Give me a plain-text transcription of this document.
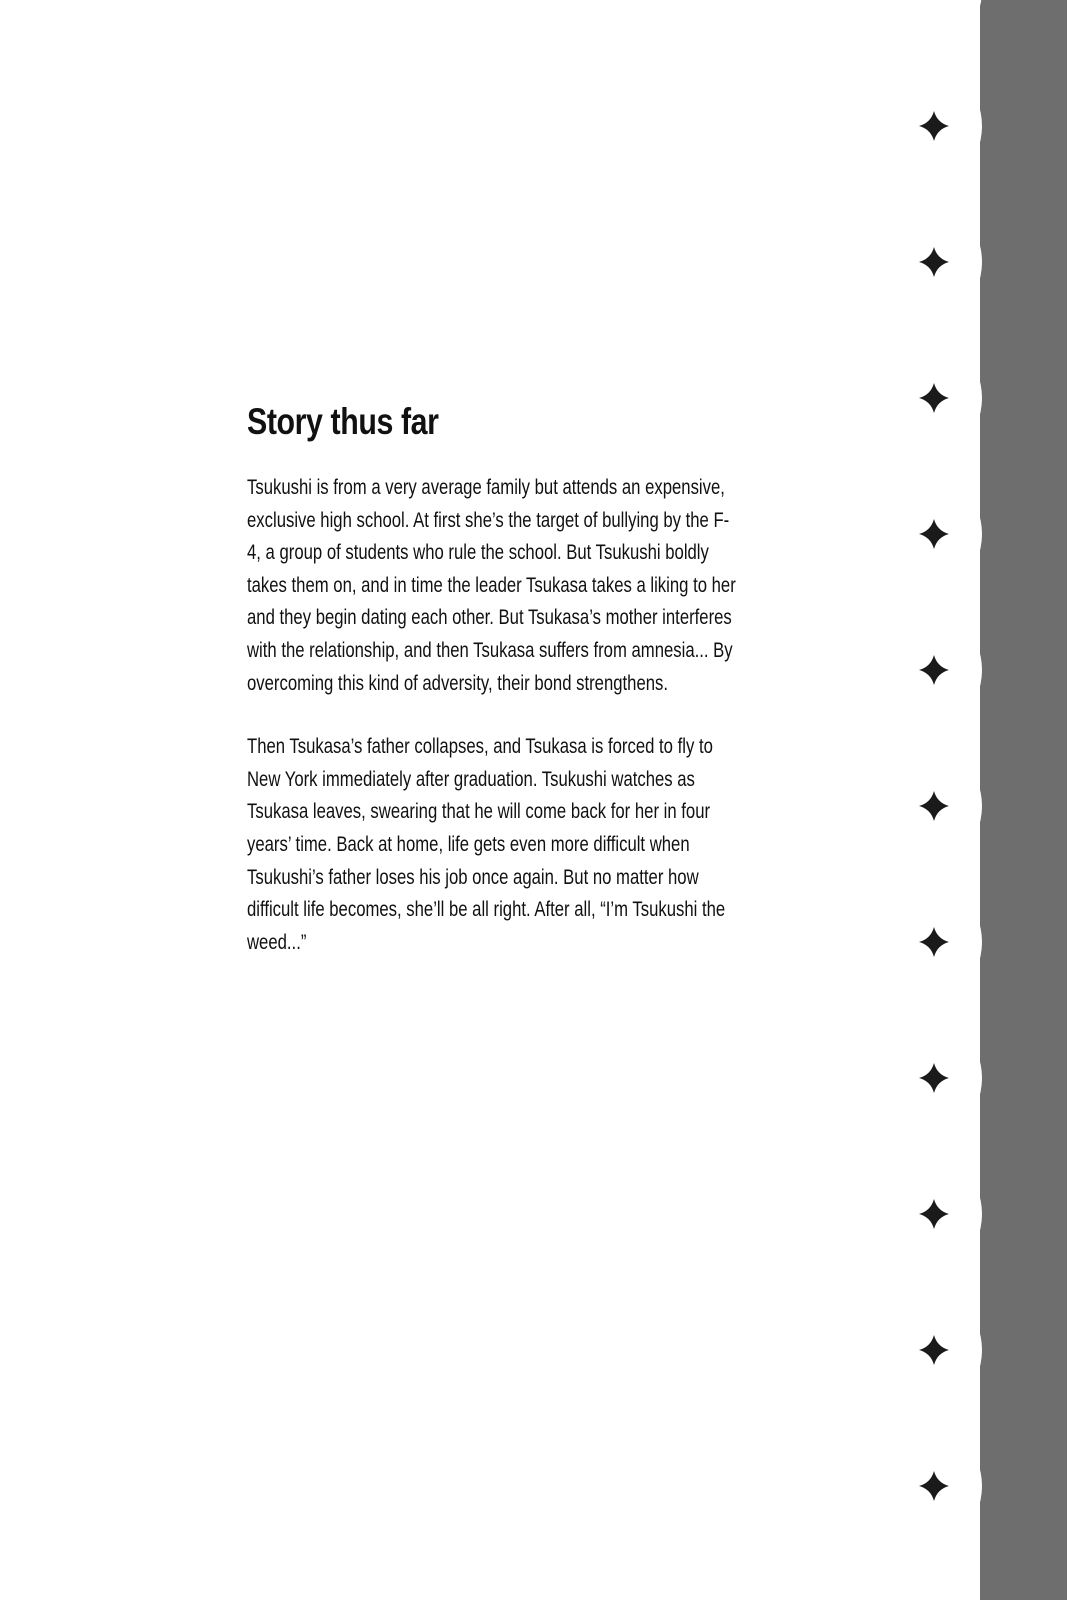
Story thus far

Tsukushi is from a very average family but attends an expensive, exclusive high school. At first she’s the target of bullying by the F-4, a group of students who rule the school. But Tsukushi boldly takes them on, and in time the leader Tsukasa takes a liking to her and they begin dating each other. But Tsukasa’s mother interferes with the relationship, and then Tsukasa suffers from amnesia... By overcoming this kind of adversity, their bond strengthens.

Then Tsukasa’s father collapses, and Tsukasa is forced to fly to New York immediately after graduation. Tsukushi watches as Tsukasa leaves, swearing that he will come back for her in four years’ time. Back at home, life gets even more difficult when Tsukushi’s father loses his job once again. But no matter how difficult life becomes, she’ll be all right. After all, “I’m Tsukushi the weed...”
